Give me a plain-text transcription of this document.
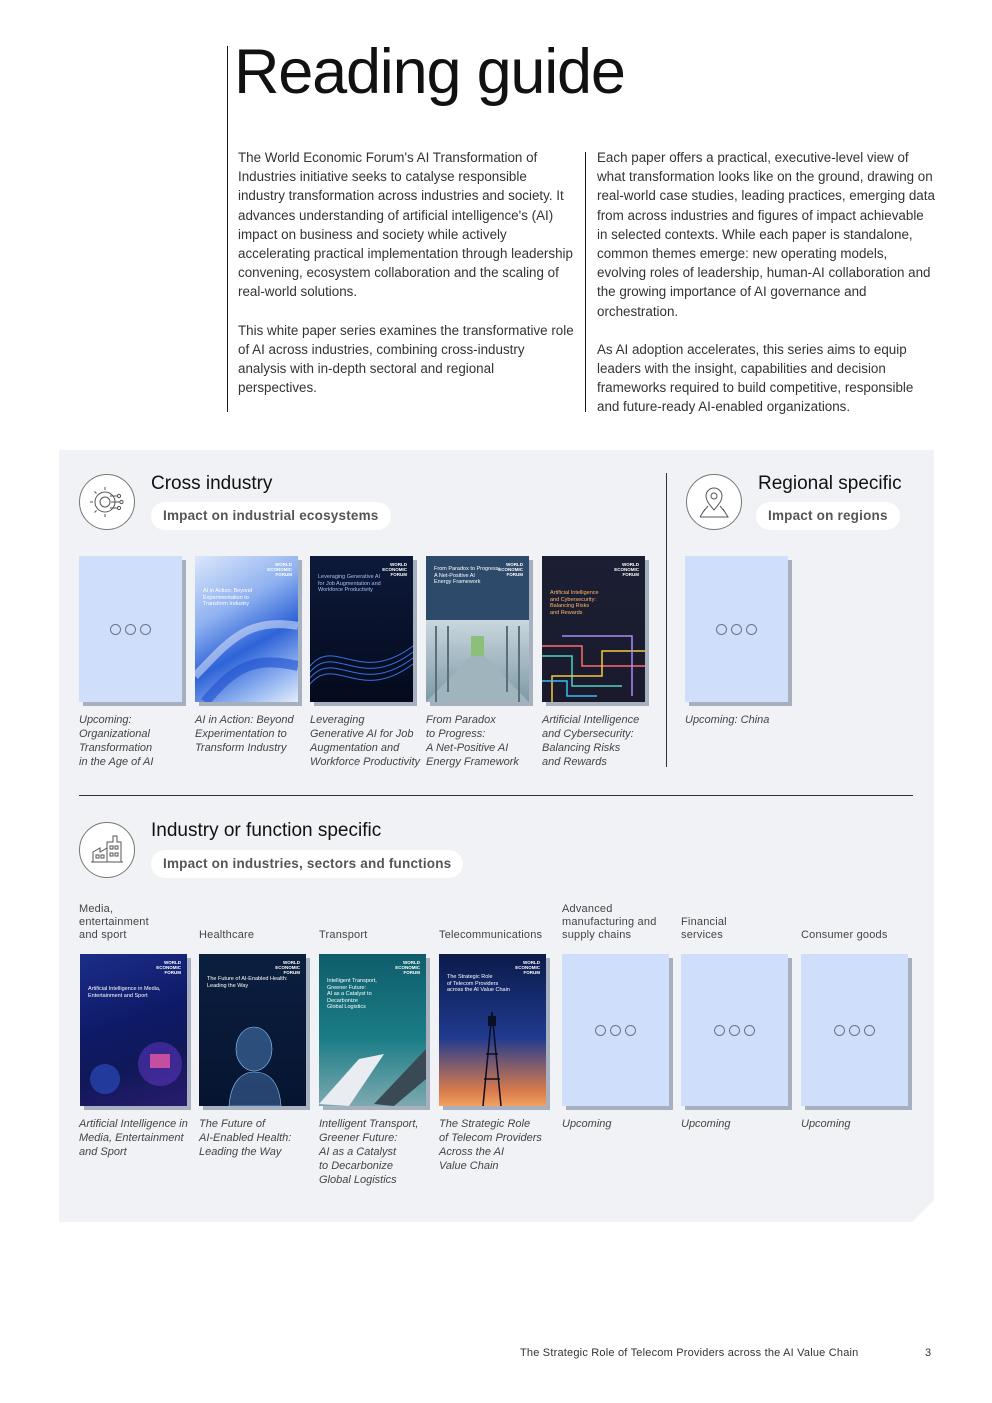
Reading guide

The World Economic Forum's AI Transformation of Industries initiative seeks to catalyse responsible industry transformation across industries and society. It advances understanding of artificial intelligence's (AI) impact on business and society while actively accelerating practical implementation through leadership convening, ecosystem collaboration and the scaling of real-world solutions.

This white paper series examines the transformative role of AI across industries, combining cross-industry analysis with in-depth sectoral and regional perspectives.

Each paper offers a practical, executive-level view of what transformation looks like on the ground, drawing on real-world case studies, leading practices, emerging data from across industries and figures of impact achievable in selected contexts. While each paper is standalone, common themes emerge: new operating models, evolving roles of leadership, human-AI collaboration and the growing importance of AI governance and orchestration.

As AI adoption accelerates, this series aims to equip leaders with the insight, capabilities and decision frameworks required to build competitive, responsible and future-ready AI-enabled organizations.

Cross industry
Impact on industrial ecosystems
Regional specific
Impact on regions
WORLD
ECONOMIC
FORUM
AI in Action: Beyond
Experimentation to
Transform Industry
WORLD
ECONOMIC
FORUM
Leveraging Generative AI
for Job Augmentation and
Workforce Productivity
WORLD
ECONOMIC
FORUM
From Paradox to Progress:
A Net-Positive AI
Energy Framework
WORLD
ECONOMIC
FORUM
Artificial Intelligence
and Cybersecurity:
Balancing Risks
and Rewards
Upcoming:
Organizational
Transformation
in the Age of AI
AI in Action: Beyond
Experimentation to
Transform Industry
Leveraging
Generative AI for Job
Augmentation and
Workforce Productivity
From Paradox
to Progress:
A Net-Positive AI
Energy Framework
Artificial Intelligence
and Cybersecurity:
Balancing Risks
and Rewards
Upcoming: China
Industry or function specific
Impact on industries, sectors and functions
Media,
entertainment
and sport	Healthcare	Transport	Telecommunications
Advanced
manufacturing and
supply chains
Financial
services	Consumer goods
WORLD
ECONOMIC
FORUM
Artificial Intelligence in Media,
Entertainment and Sport
WORLD
ECONOMIC
FORUM
The Future of AI-Enabled Health:
Leading the Way
WORLD
ECONOMIC
FORUM
Intelligent Transport,
Greener Future:
AI as a Catalyst to
Decarbonize
Global Logistics
WORLD
ECONOMIC
FORUM
The Strategic Role
of Telecom Providers
across the AI Value Chain
Artificial Intelligence in
Media, Entertainment
and Sport
The Future of
AI-Enabled Health:
Leading the Way
Intelligent Transport,
Greener Future:
AI as a Catalyst
to Decarbonize
Global Logistics
The Strategic Role
of Telecom Providers
Across the AI
Value Chain
Upcoming	Upcoming	Upcoming
The Strategic Role of Telecom Providers across the AI Value Chain	3
